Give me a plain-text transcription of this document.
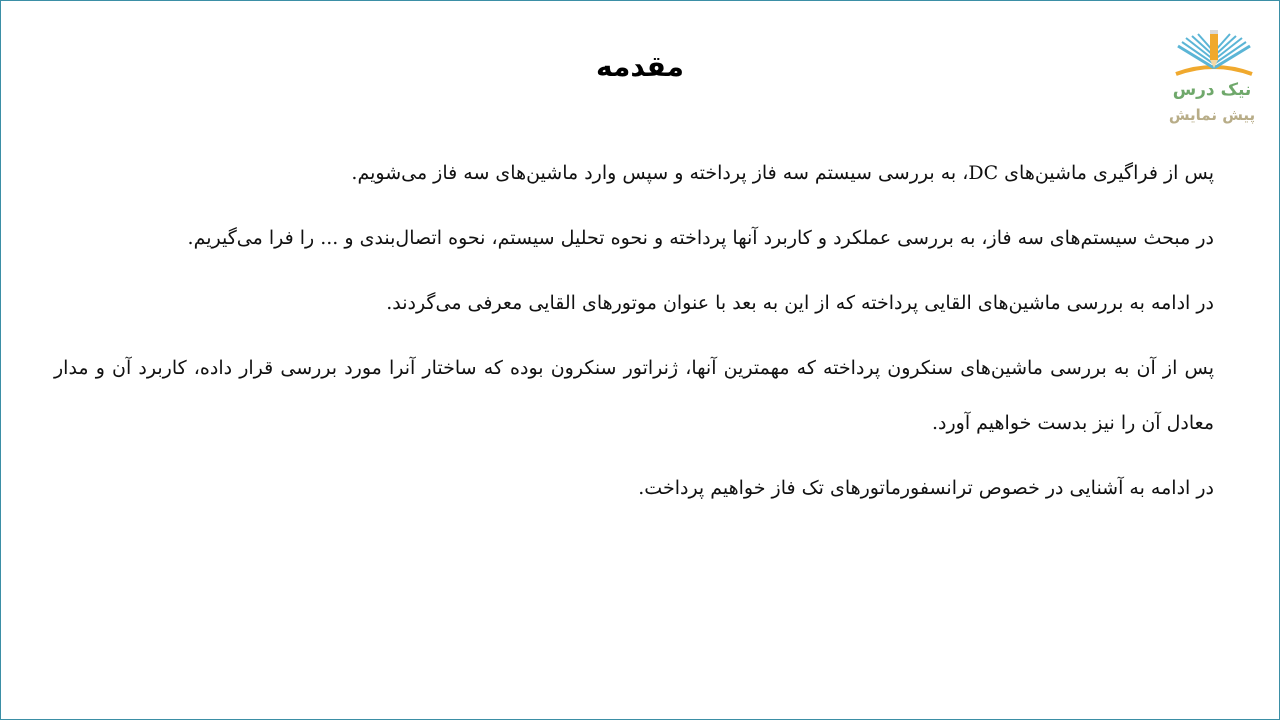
نیک درس
پیش نمایش
مقدمه

پس از فراگیری ماشین‌های DC، به بررسی سیستم سه فاز پرداخته و سپس وارد ماشین‌های سه فاز می‌شویم.

در مبحث سیستم‌های سه فاز، به بررسی عملکرد و کاربرد آنها پرداخته و نحوه تحلیل سیستم، نحوه اتصال‌بندی و ... را فرا می‌گیریم.

در ادامه به بررسی ماشین‌های القایی پرداخته که از این به بعد با عنوان موتورهای القایی معرفی می‌گردند.

پس از آن به بررسی ماشین‌های سنکرون پرداخته که مهمترین آنها، ژنراتور سنکرون بوده که ساختار آنرا مورد بررسی قرار داده، کاربرد آن و مدار معادل آن را نیز بدست خواهیم آورد.

در ادامه به آشنایی در خصوص ترانسفورماتورهای تک فاز خواهیم پرداخت.
